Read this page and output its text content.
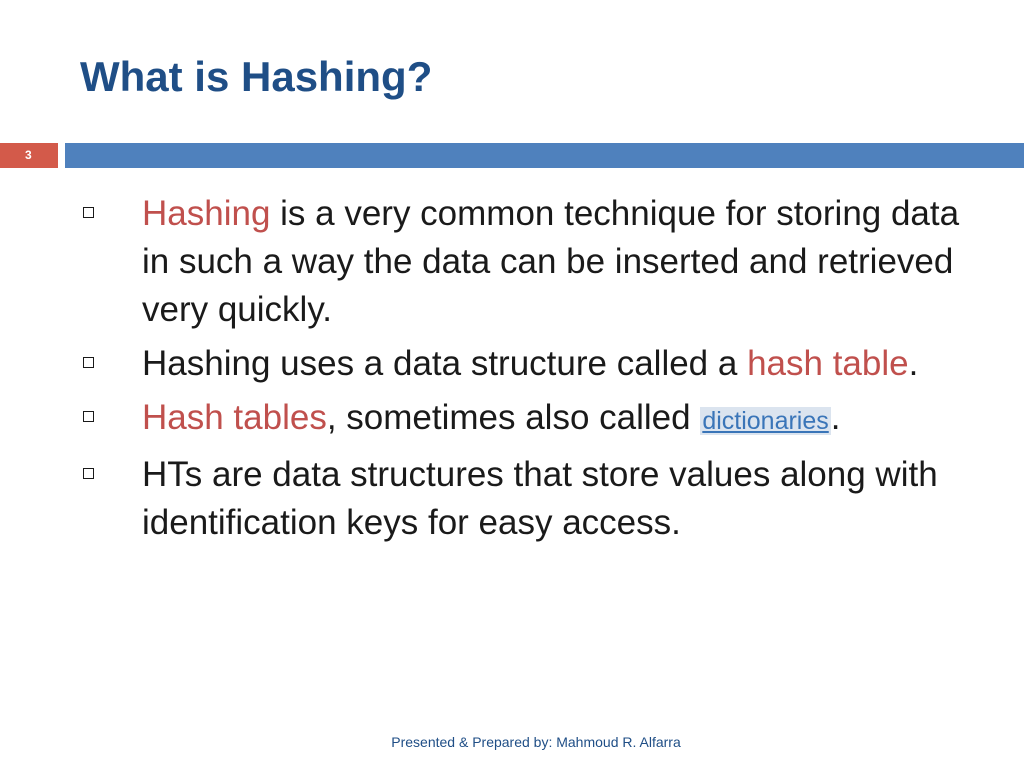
What is Hashing?
3
Hashing is a very common technique for storing data in such a way the data can be inserted and retrieved very quickly.
Hashing uses a data structure called a hash table.
Hash tables, sometimes also called dictionaries.
HTs are data structures that store values along with identification keys for easy access.
Presented & Prepared by: Mahmoud R. Alfarra
